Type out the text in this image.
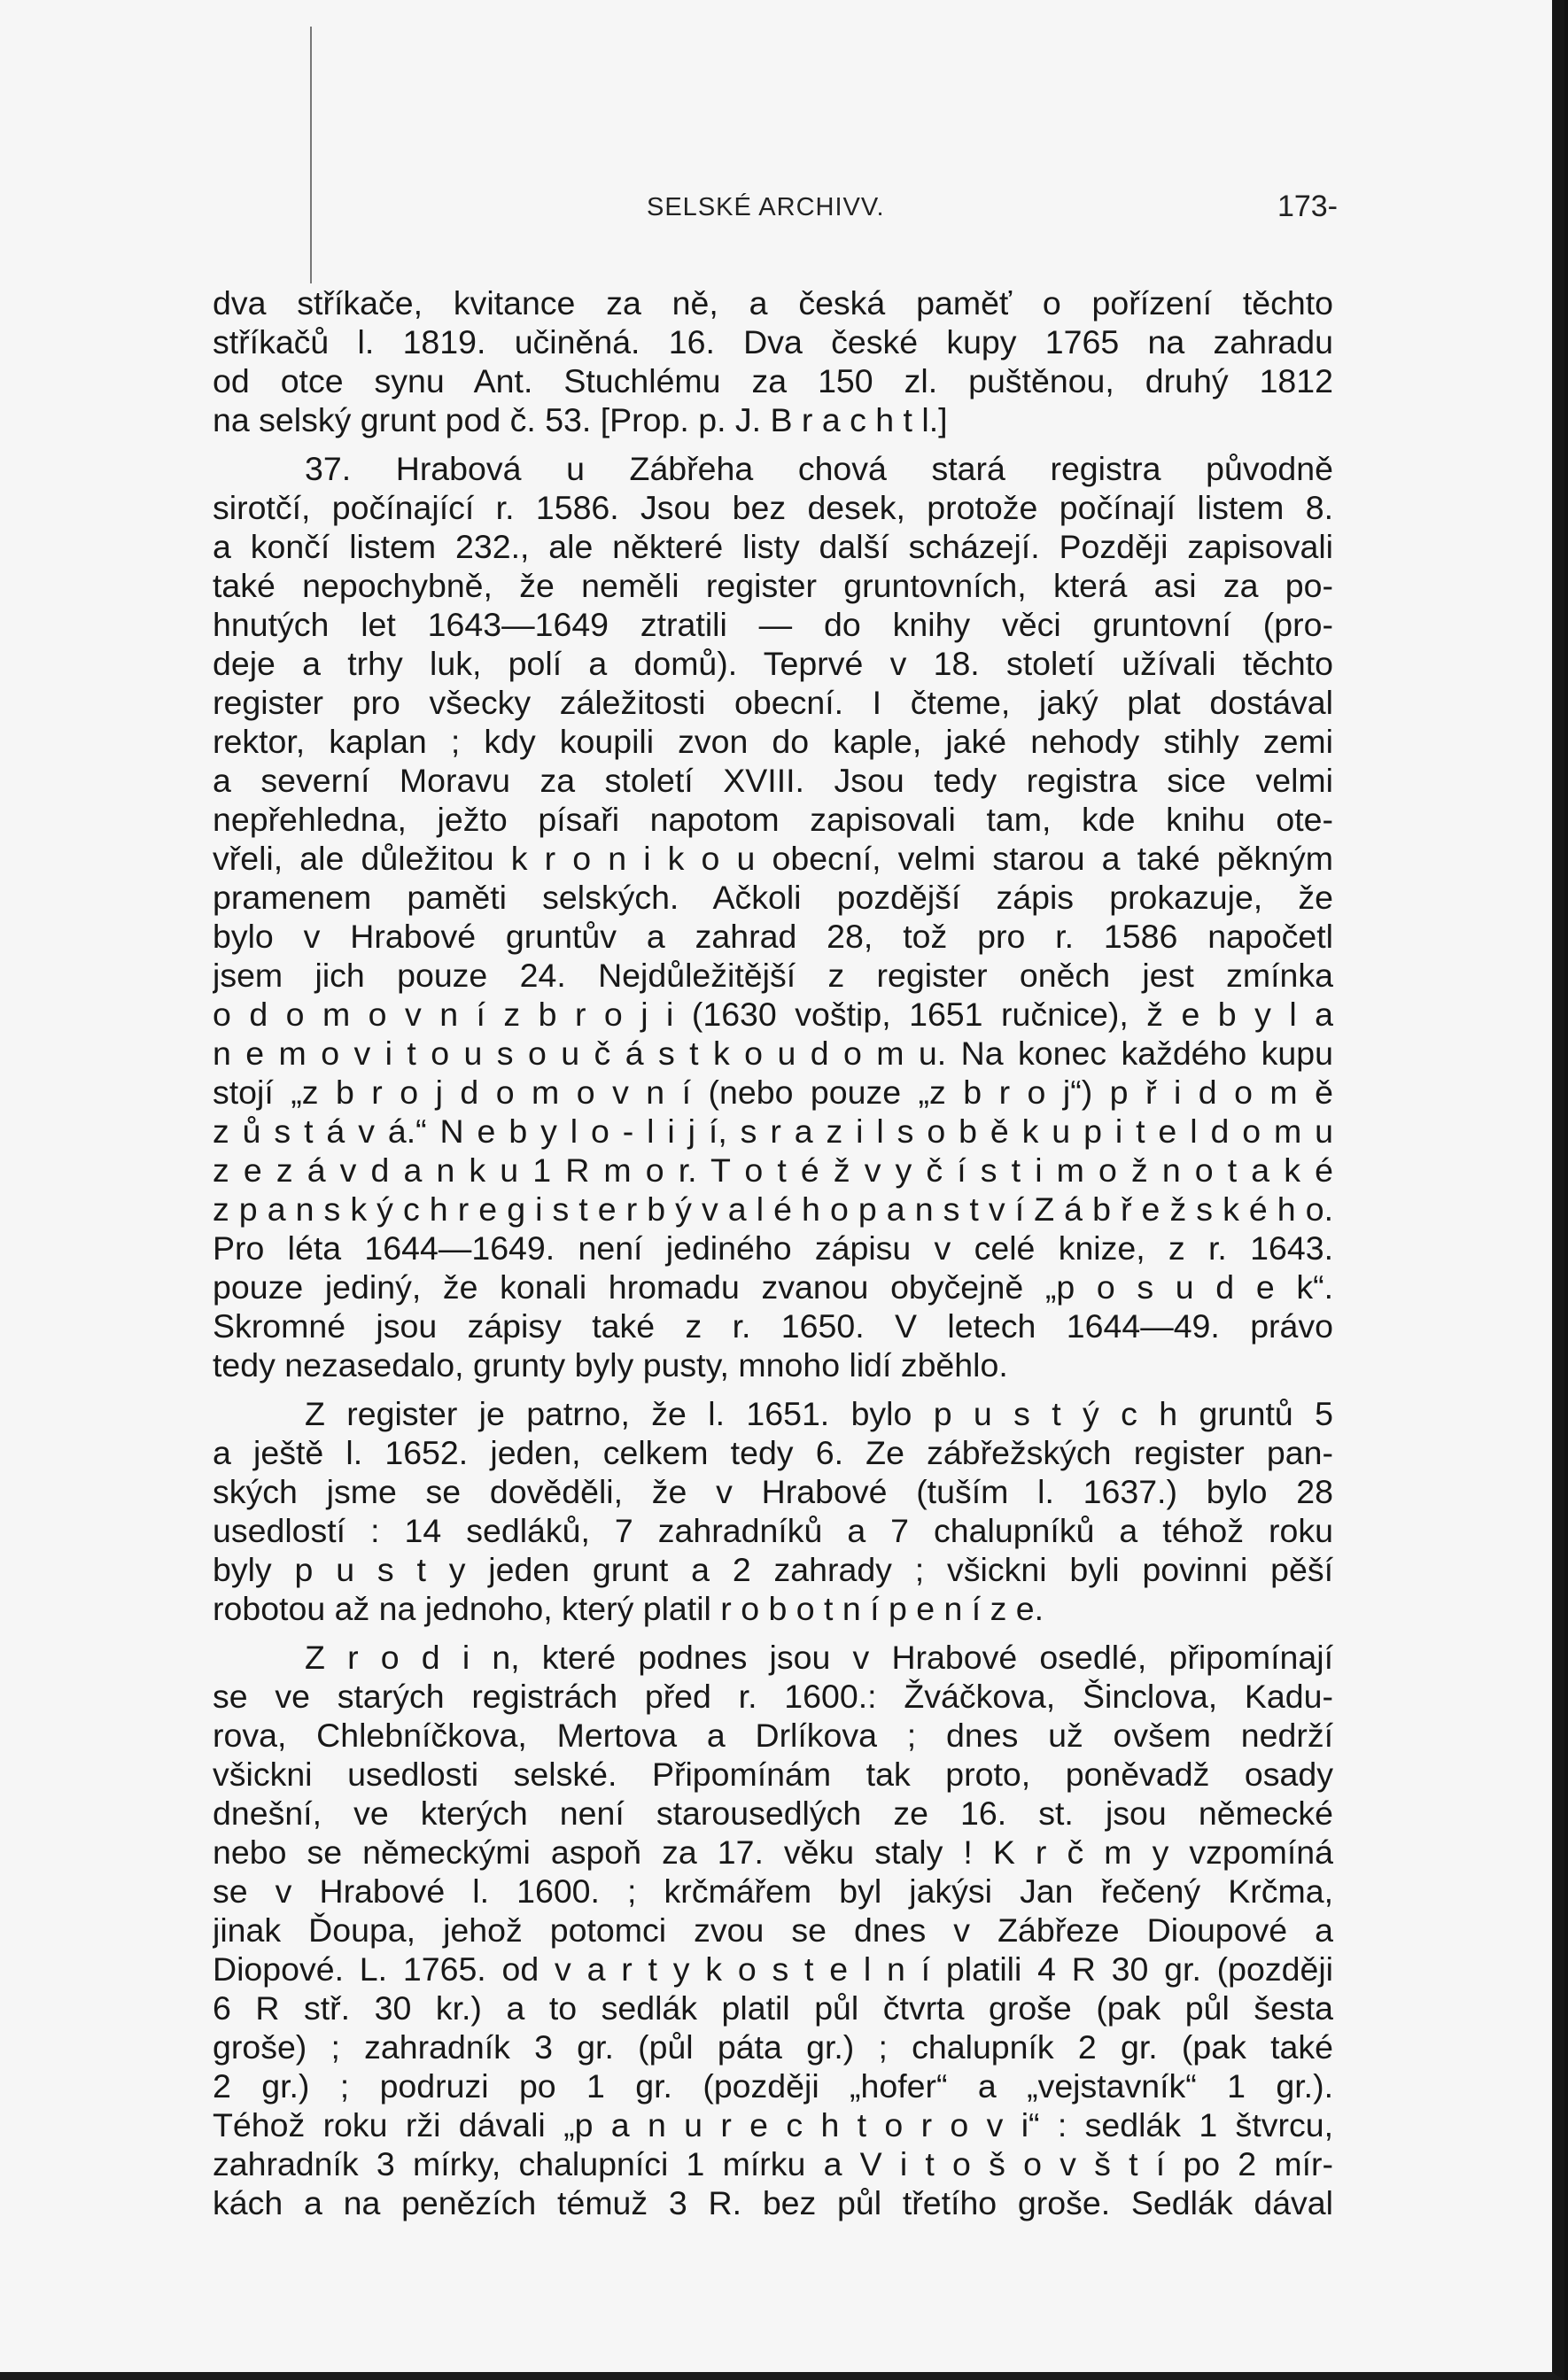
SELSKÉ ARCHIVV.	173-

dva stříkače, kvitance za ně, a česká paměť o pořízení těchto
stříkačů l. 1819. učiněná. 16. Dva české kupy 1765 na zahradu
od otce synu Ant. Stuchlému za 150 zl. puštěnou, druhý 1812
na selský grunt pod č. 53. [Prop. p. J. B r a c h t l.]

37. Hrabová u Zábřeha chová stará registra původně
sirotčí, počínající r. 1586. Jsou bez desek, protože počínají listem 8.
a končí listem 232., ale některé listy další scházejí. Později zapisovali
také nepochybně, že neměli register gruntovních, která asi za po-
hnutých let 1643—1649 ztratili — do knihy věci gruntovní (pro-
deje a trhy luk, polí a domů). Teprvé v 18. století užívali těchto
register pro všecky záležitosti obecní. I čteme, jaký plat dostával
rektor, kaplan ; kdy koupili zvon do kaple, jaké nehody stihly zemi
a severní Moravu za století XVIII. Jsou tedy registra sice velmi
nepřehledna, ježto písaři napotom zapisovali tam, kde knihu ote-
vřeli, ale důležitou k r o n i k o u obecní, velmi starou a také pěkným
pramenem paměti selských. Ačkoli pozdější zápis prokazuje, že
bylo v Hrabové gruntův a zahrad 28, tož pro r. 1586 napočetl
jsem jich pouze 24. Nejdůležitější z register oněch jest zmínka
o d o m o v n í z b r o j i (1630 voštip, 1651 ručnice), ž e b y l a
n e m o v i t o u s o u č á s t k o u d o m u. Na konec každého kupu
stojí „z b r o j d o m o v n í (nebo pouze „z b r o j“) p ř i d o m ě
z ů s t á v á.“ N e b y l o - l i j í, s r a z i l s o b ě k u p i t e l d o m u
z e z á v d a n k u 1 R m o r. T o t é ž v y č í s t i m o ž n o t a k é
z p a n s k ý c h r e g i s t e r b ý v a l é h o p a n s t v í Z á b ř e ž s k é h o.
Pro léta 1644—1649. není jediného zápisu v celé knize, z r. 1643.
pouze jediný, že konali hromadu zvanou obyčejně „p o s u d e k“.
Skromné jsou zápisy také z r. 1650. V letech 1644—49. právo
tedy nezasedalo, grunty byly pusty, mnoho lidí zběhlo.

Z register je patrno, že l. 1651. bylo p u s t ý c h gruntů 5
a ještě l. 1652. jeden, celkem tedy 6. Ze zábřežských register pan-
ských jsme se dověděli, že v Hrabové (tuším l. 1637.) bylo 28
usedlostí : 14 sedláků, 7 zahradníků a 7 chalupníků a téhož roku
byly p u s t y jeden grunt a 2 zahrady ; všickni byli povinni pěší
robotou až na jednoho, který platil r o b o t n í p e n í z e.

Z r o d i n, které podnes jsou v Hrabové osedlé, připomínají
se ve starých registrách před r. 1600.: Žváčkova, Šinclova, Kadu-
rova, Chlebníčkova, Mertova a Drlíkova ; dnes už ovšem nedrží
všickni usedlosti selské. Připomínám tak proto, poněvadž osady
dnešní, ve kterých není starousedlých ze 16. st. jsou německé
nebo se německými aspoň za 17. věku staly ! K r č m y vzpomíná
se v Hrabové l. 1600. ; krčmářem byl jakýsi Jan řečený Krčma,
jinak Ďoupa, jehož potomci zvou se dnes v Zábřeze Dioupové a
Diopové. L. 1765. od v a r t y k o s t e l n í platili 4 R 30 gr. (později
6 R stř. 30 kr.) a to sedlák platil půl čtvrta groše (pak půl šesta
groše) ; zahradník 3 gr. (půl páta gr.) ; chalupník 2 gr. (pak také
2 gr.) ; podruzi po 1 gr. (později „hofer“ a „vejstavník“ 1 gr.).
Téhož roku rži dávali „p a n u r e c h t o r o v i“ : sedlák 1 štvrcu,
zahradník 3 mírky, chalupníci 1 mírku a V i t o š o v š t í po 2 mír-
kách a na penězích témuž 3 R. bez půl třetího groše. Sedlák dával
